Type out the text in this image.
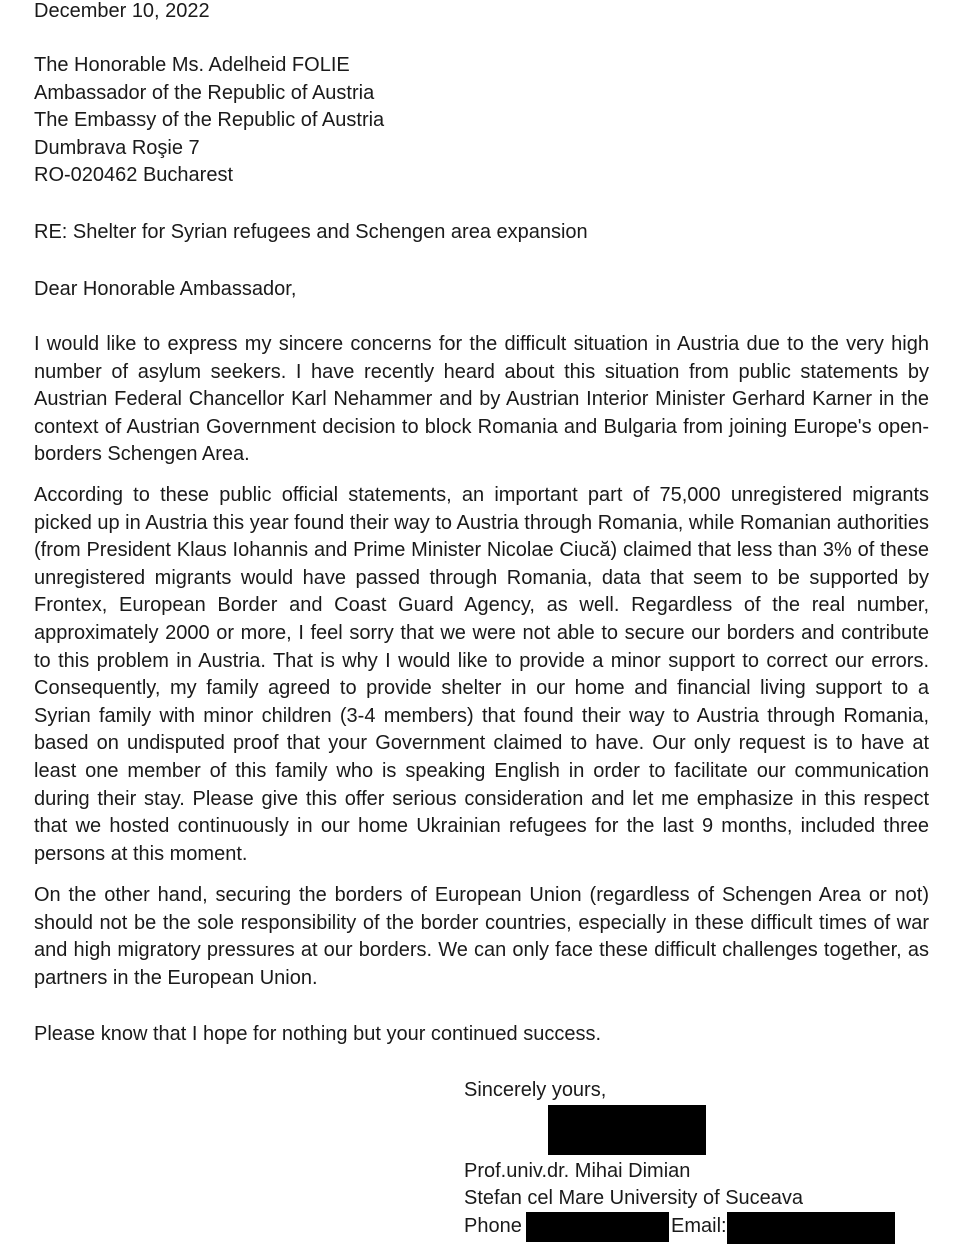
December 10, 2022
The Honorable Ms. Adelheid FOLIE
Ambassador of the Republic of Austria
The Embassy of the Republic of Austria
Dumbrava Roşie 7
RO-020462 Bucharest
RE: Shelter for Syrian refugees and Schengen area expansion
Dear Honorable Ambassador,
I would like to express my sincere concerns for the difficult situation in Austria due to the very high number of asylum seekers. I have recently heard about this situation from public statements by Austrian Federal Chancellor Karl Nehammer and by Austrian Interior Minister Gerhard Karner in the context of Austrian Government decision to block Romania and Bulgaria from joining Europe's open-borders Schengen Area.
According to these public official statements, an important part of 75,000 unregistered migrants picked up in Austria this year found their way to Austria through Romania, while Romanian authorities (from President Klaus Iohannis and Prime Minister Nicolae Ciucă) claimed that less than 3% of these unregistered migrants would have passed through Romania, data that seem to be supported by Frontex, European Border and Coast Guard Agency, as well. Regardless of the real number, approximately 2000 or more, I feel sorry that we were not able to secure our borders and contribute to this problem in Austria. That is why I would like to provide a minor support to correct our errors. Consequently, my family agreed to provide shelter in our home and financial living support to a Syrian family with minor children (3-4 members) that found their way to Austria through Romania, based on undisputed proof that your Government claimed to have. Our only request is to have at least one member of this family who is speaking English in order to facilitate our communication during their stay. Please give this offer serious consideration and let me emphasize in this respect that we hosted continuously in our home Ukrainian refugees for the last 9 months, included three persons at this moment.
On the other hand, securing the borders of European Union (regardless of Schengen Area or not) should not be the sole responsibility of the border countries, especially in these difficult times of war and high migratory pressures at our borders. We can only face these difficult challenges together, as partners in the European Union.
Please know that I hope for nothing but your continued success.
Sincerely yours,
Prof.univ.dr. Mihai Dimian
Stefan cel Mare University of Suceava
Phone	Email:
